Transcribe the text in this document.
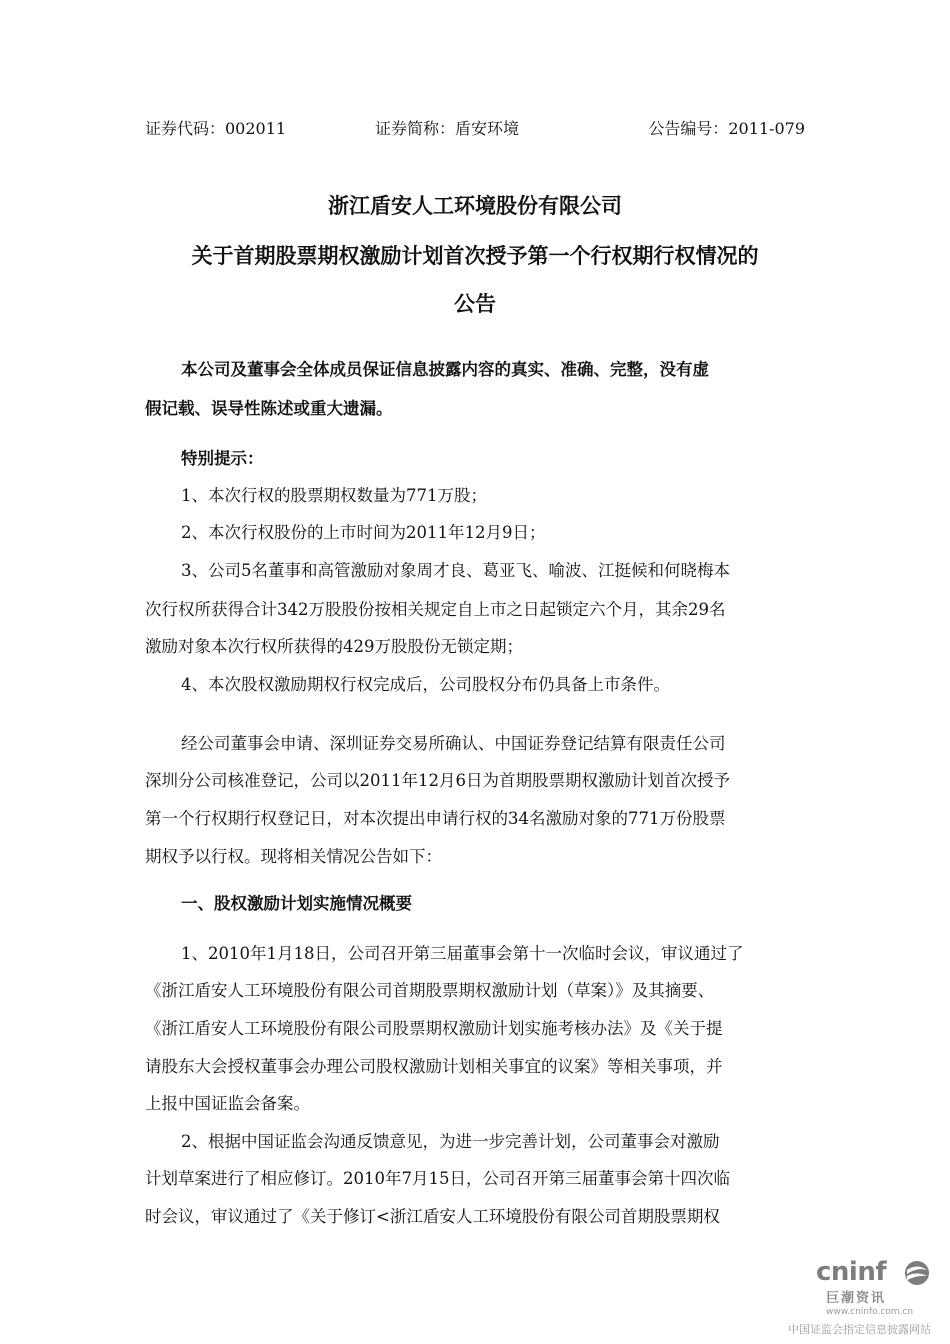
证券代码：002011	证券简称：盾安环境	公告编号：2011-079
浙江盾安人工环境股份有限公司
关于首期股票期权激励计划首次授予第一个行权期行权情况的
公告
本公司及董事会全体成员保证信息披露内容的真实、准确、完整，没有虚
假记载、误导性陈述或重大遗漏。
特别提示：
1、本次行权的股票期权数量为771万股；
2、本次行权股份的上市时间为2011年12月9日；
3、公司5名董事和高管激励对象周才良、葛亚飞、喻波、江挺候和何晓梅本
次行权所获得合计342万股股份按相关规定自上市之日起锁定六个月，其余29名
激励对象本次行权所获得的429万股股份无锁定期；
4、本次股权激励期权行权完成后，公司股权分布仍具备上市条件。
经公司董事会申请、深圳证券交易所确认、中国证券登记结算有限责任公司
深圳分公司核准登记，公司以2011年12月6日为首期股票期权激励计划首次授予
第一个行权期行权登记日，对本次提出申请行权的34名激励对象的771万份股票
期权予以行权。现将相关情况公告如下：
一、股权激励计划实施情况概要
1、2010年1月18日，公司召开第三届董事会第十一次临时会议，审议通过了
《浙江盾安人工环境股份有限公司首期股票期权激励计划（草案）》及其摘要、
《浙江盾安人工环境股份有限公司股票期权激励计划实施考核办法》及《关于提
请股东大会授权董事会办理公司股权激励计划相关事宜的议案》等相关事项，并
上报中国证监会备案。
2、根据中国证监会沟通反馈意见，为进一步完善计划，公司董事会对激励
计划草案进行了相应修订。2010年7月15日，公司召开第三届董事会第十四次临
时会议，审议通过了《关于修订<浙江盾安人工环境股份有限公司首期股票期权
cninf
巨潮资讯
www.cninfo.com.cn
中国证监会指定信息披露网站
